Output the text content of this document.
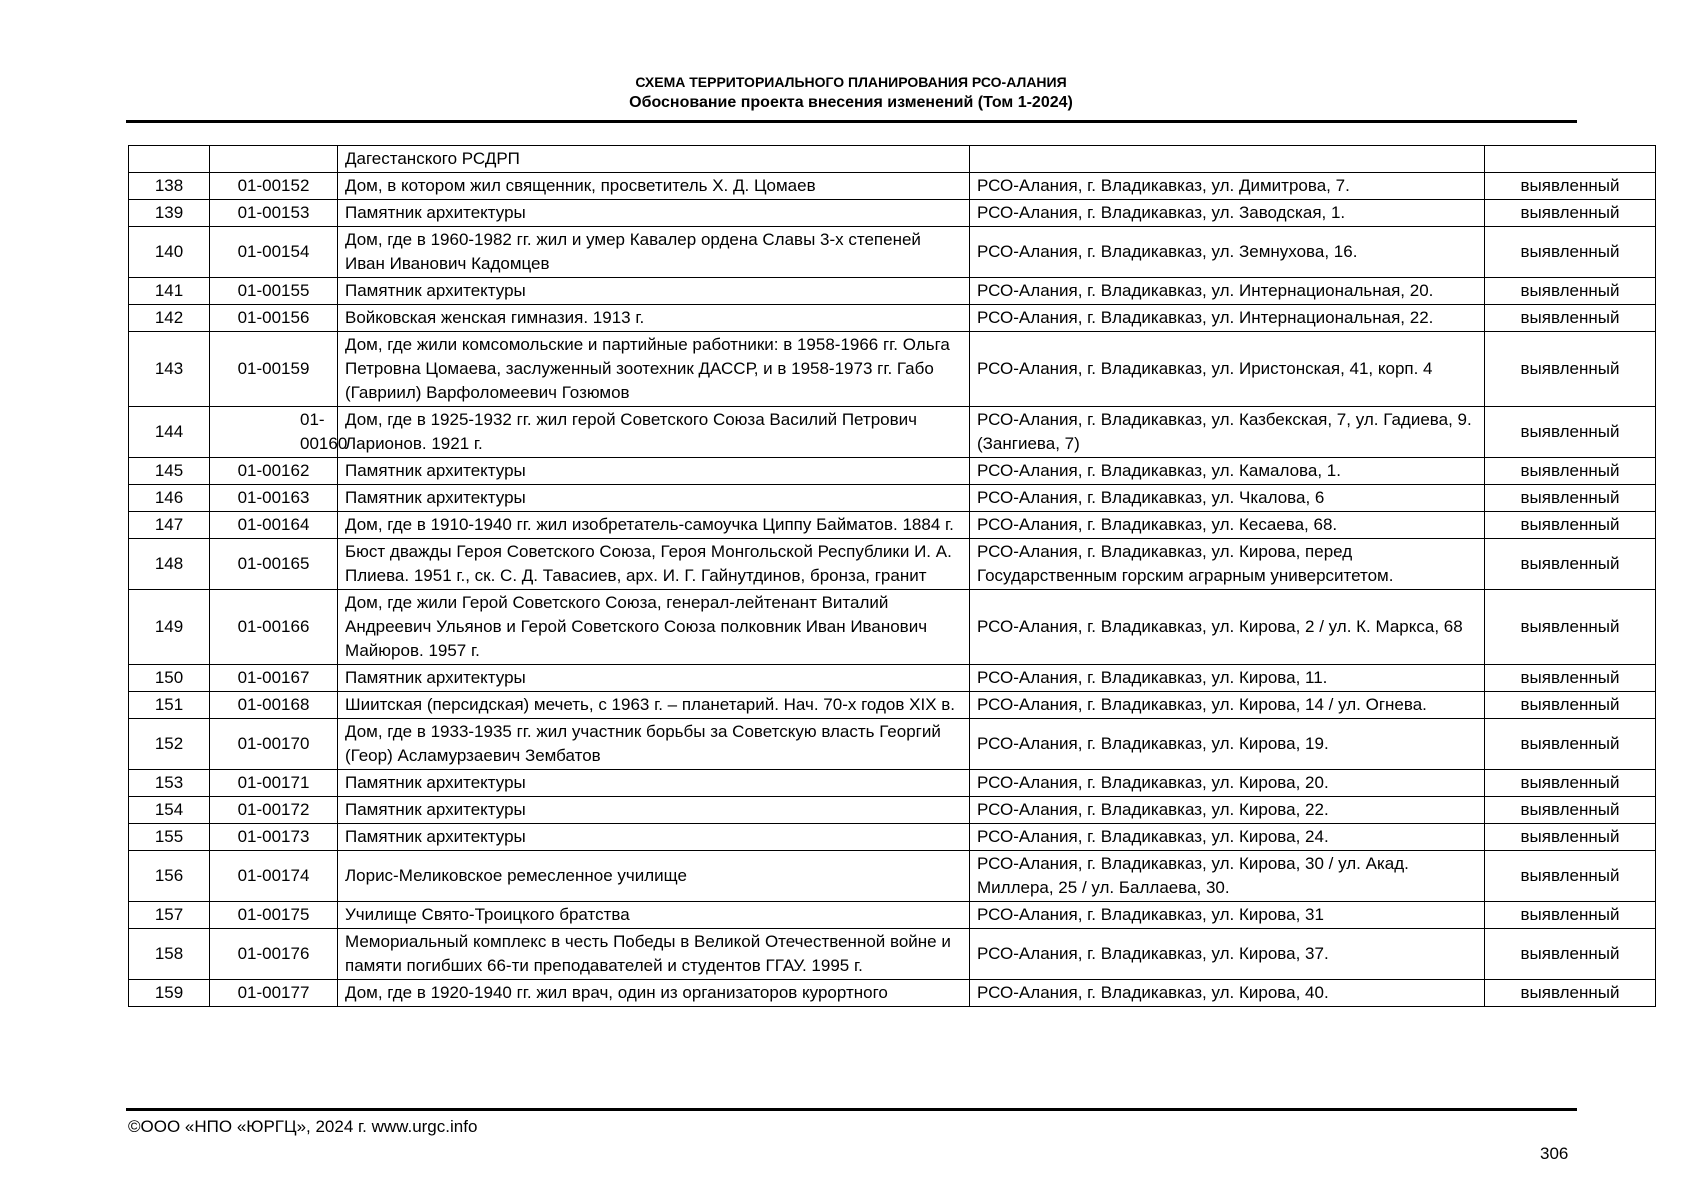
СХЕМА ТЕРРИТОРИАЛЬНОГО ПЛАНИРОВАНИЯ РСО-АЛАНИЯ
Обоснование проекта внесения изменений (Том 1-2024)
		Дагестанского РСДРП		
138	01-00152	Дом, в котором жил священник, просветитель Х. Д. Цомаев	РСО-Алания, г. Владикавказ, ул. Димитрова, 7.	выявленный
139	01-00153	Памятник архитектуры	РСО-Алания, г. Владикавказ, ул. Заводская, 1.	выявленный
140	01-00154	Дом, где в 1960-1982 гг. жил и умер Кавалер ордена Славы 3-х степеней Иван Иванович Кадомцев	РСО-Алания, г. Владикавказ, ул. Земнухова, 16.	выявленный
141	01-00155	Памятник архитектуры	РСО-Алания, г. Владикавказ, ул. Интернациональная, 20.	выявленный
142	01-00156	Войковская женская гимназия. 1913 г.	РСО-Алания, г. Владикавказ, ул. Интернациональная, 22.	выявленный
143	01-00159	Дом, где жили комсомольские и партийные работники: в 1958-1966 гг. Ольга Петровна Цомаева, заслуженный зоотехник ДАССР, и в 1958-1973 гг. Габо (Гавриил) Варфоломеевич Гозюмов	РСО-Алания, г. Владикавказ, ул. Иристонская, 41, корп. 4	выявленный
144	01-00160	Дом, где в 1925-1932 гг. жил герой Советского Союза Василий Петрович Ларионов. 1921 г.	РСО-Алания, г. Владикавказ, ул. Казбекская, 7, ул. Гадиева, 9. (Зангиева, 7)	выявленный
145	01-00162	Памятник архитектуры	РСО-Алания, г. Владикавказ, ул. Камалова, 1.	выявленный
146	01-00163	Памятник архитектуры	РСО-Алания, г. Владикавказ, ул. Чкалова, 6	выявленный
147	01-00164	Дом, где в 1910-1940 гг. жил изобретатель-самоучка Циппу Байматов. 1884 г.	РСО-Алания, г. Владикавказ, ул. Кесаева, 68.	выявленный
148	01-00165	Бюст дважды Героя Советского Союза, Героя Монгольской Республики И. А. Плиева. 1951 г., ск. С. Д. Тавасиев, арх. И. Г. Гайнутдинов, бронза, гранит	РСО-Алания, г. Владикавказ, ул. Кирова, перед Государственным горским аграрным университетом.	выявленный
149	01-00166	Дом, где жили Герой Советского Союза, генерал-лейтенант Виталий Андреевич Ульянов и Герой Советского Союза полковник Иван Иванович Майюров. 1957 г.	РСО-Алания, г. Владикавказ, ул. Кирова, 2 / ул. К. Маркса, 68	выявленный
150	01-00167	Памятник архитектуры	РСО-Алания, г. Владикавказ, ул. Кирова, 11.	выявленный
151	01-00168	Шиитская (персидская) мечеть, с 1963 г. – планетарий. Нач. 70-х годов XIX в.	РСО-Алания, г. Владикавказ, ул. Кирова, 14 / ул. Огнева.	выявленный
152	01-00170	Дом, где в 1933-1935 гг. жил участник борьбы за Советскую власть Георгий (Геор) Асламурзаевич Зембатов	РСО-Алания, г. Владикавказ, ул. Кирова, 19.	выявленный
153	01-00171	Памятник архитектуры	РСО-Алания, г. Владикавказ, ул. Кирова, 20.	выявленный
154	01-00172	Памятник архитектуры	РСО-Алания, г. Владикавказ, ул. Кирова, 22.	выявленный
155	01-00173	Памятник архитектуры	РСО-Алания, г. Владикавказ, ул. Кирова, 24.	выявленный
156	01-00174	Лорис-Меликовское ремесленное училище	РСО-Алания, г. Владикавказ, ул. Кирова, 30 / ул. Акад. Миллера, 25 / ул. Баллаева, 30.	выявленный
157	01-00175	Училище Свято-Троицкого братства	РСО-Алания, г. Владикавказ, ул. Кирова, 31	выявленный
158	01-00176	Мемориальный комплекс в честь Победы в Великой Отечественной войне и памяти погибших 66-ти преподавателей и студентов ГГАУ. 1995 г.	РСО-Алания, г. Владикавказ, ул. Кирова, 37.	выявленный
159	01-00177	Дом, где в 1920-1940 гг. жил врач, один из организаторов курортного	РСО-Алания, г. Владикавказ, ул. Кирова, 40.	выявленный
©ООО «НПО «ЮРГЦ», 2024 г. www.urgc.info
306
